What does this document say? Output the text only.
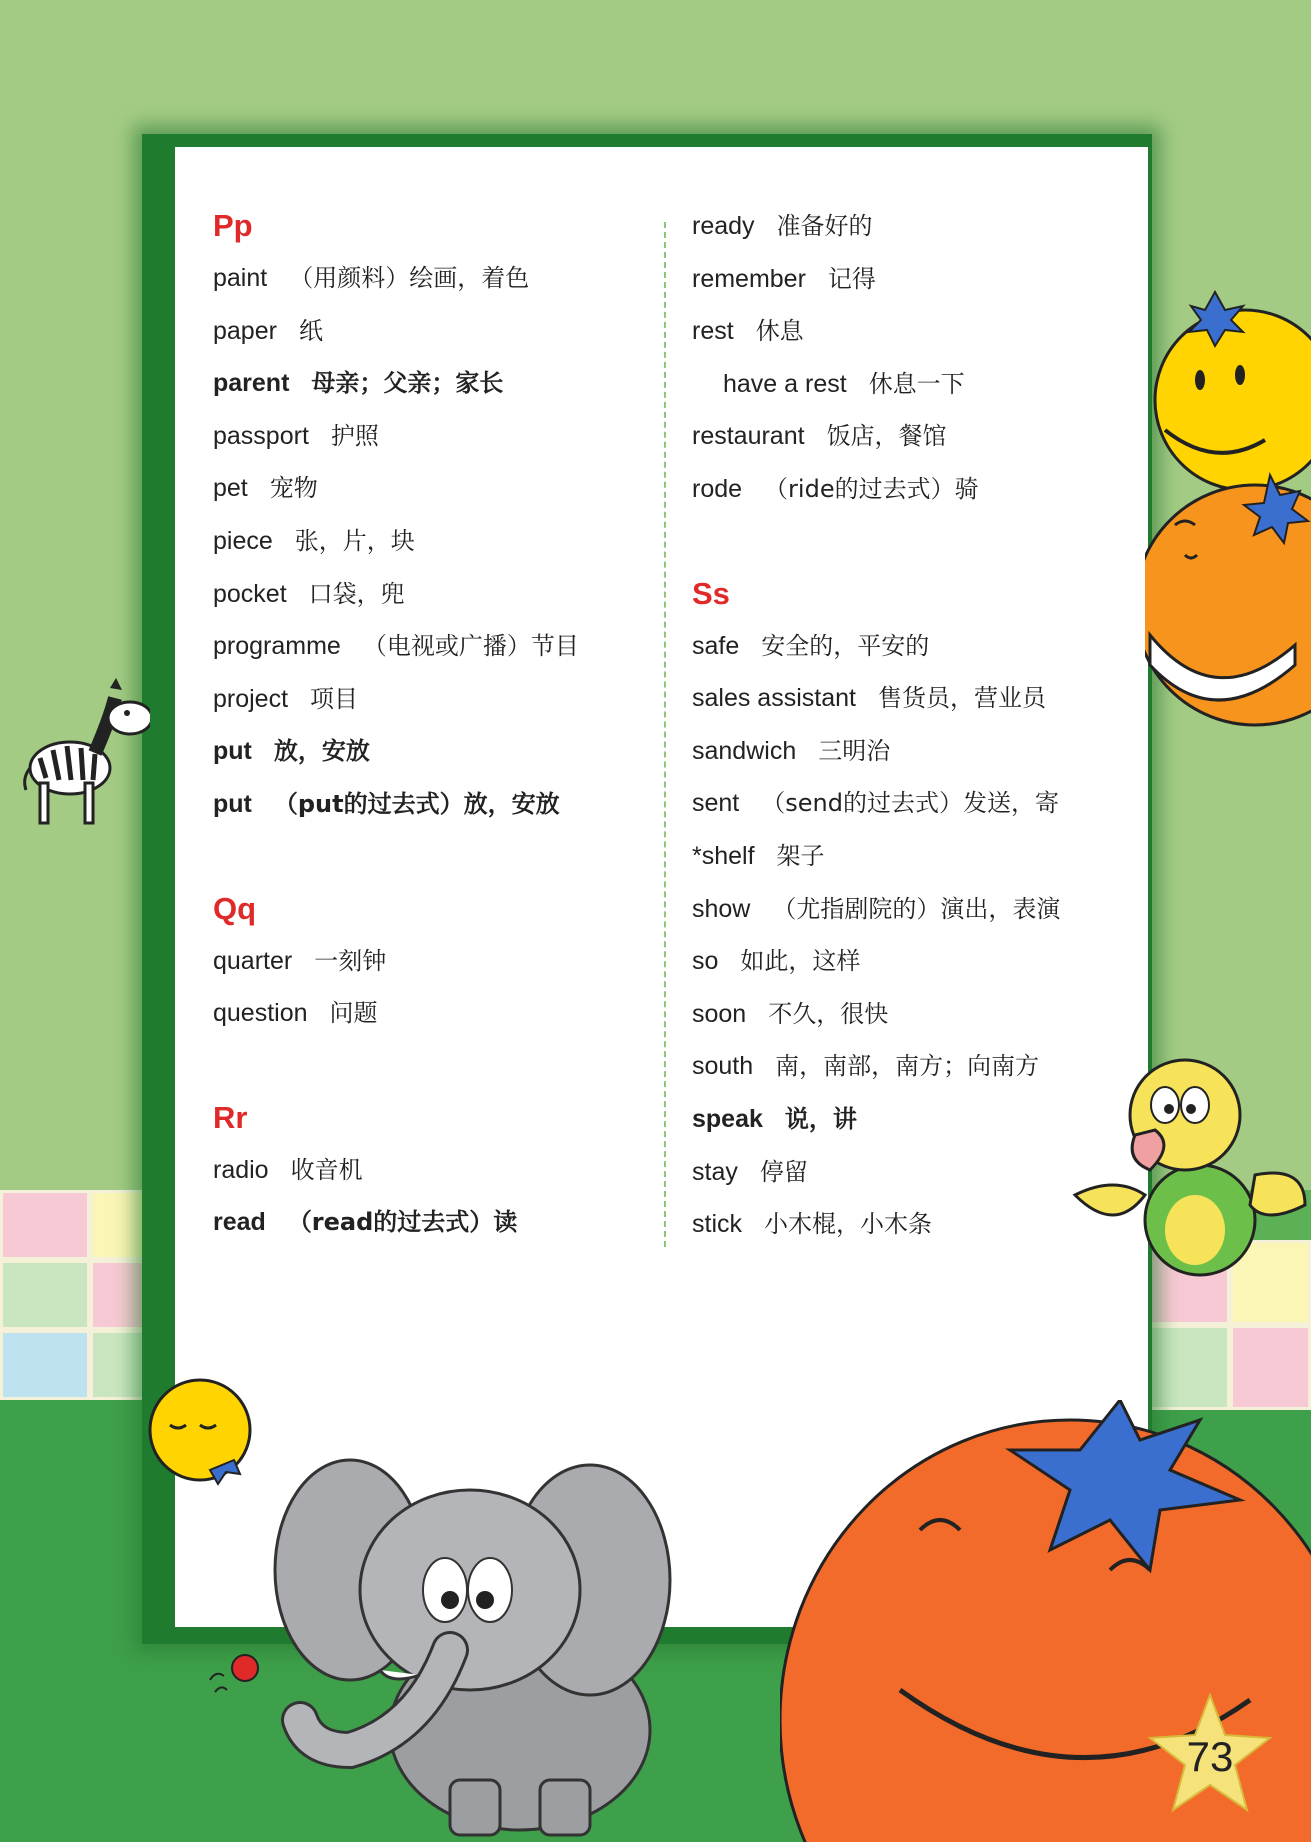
Pp
paint （用颜料）绘画，着色
paper 纸
parent 母亲；父亲；家长
passport 护照
pet 宠物
piece 张，片，块
pocket 口袋，兜
programme （电视或广播）节目
project 项目
put 放，安放
put （put的过去式）放，安放
Qq
quarter 一刻钟
question 问题
Rr
radio 收音机
read （read的过去式）读
ready 准备好的
remember 记得
rest 休息
have a rest 休息一下
restaurant 饭店，餐馆
rode （ride的过去式）骑
Ss
safe 安全的，平安的
sales assistant 售货员，营业员
sandwich 三明治
sent （send的过去式）发送，寄
*shelf 架子
show （尤指剧院的）演出，表演
so 如此，这样
soon 不久，很快
south 南，南部，南方；向南方
speak 说，讲
stay 停留
stick 小木棍，小木条
73
